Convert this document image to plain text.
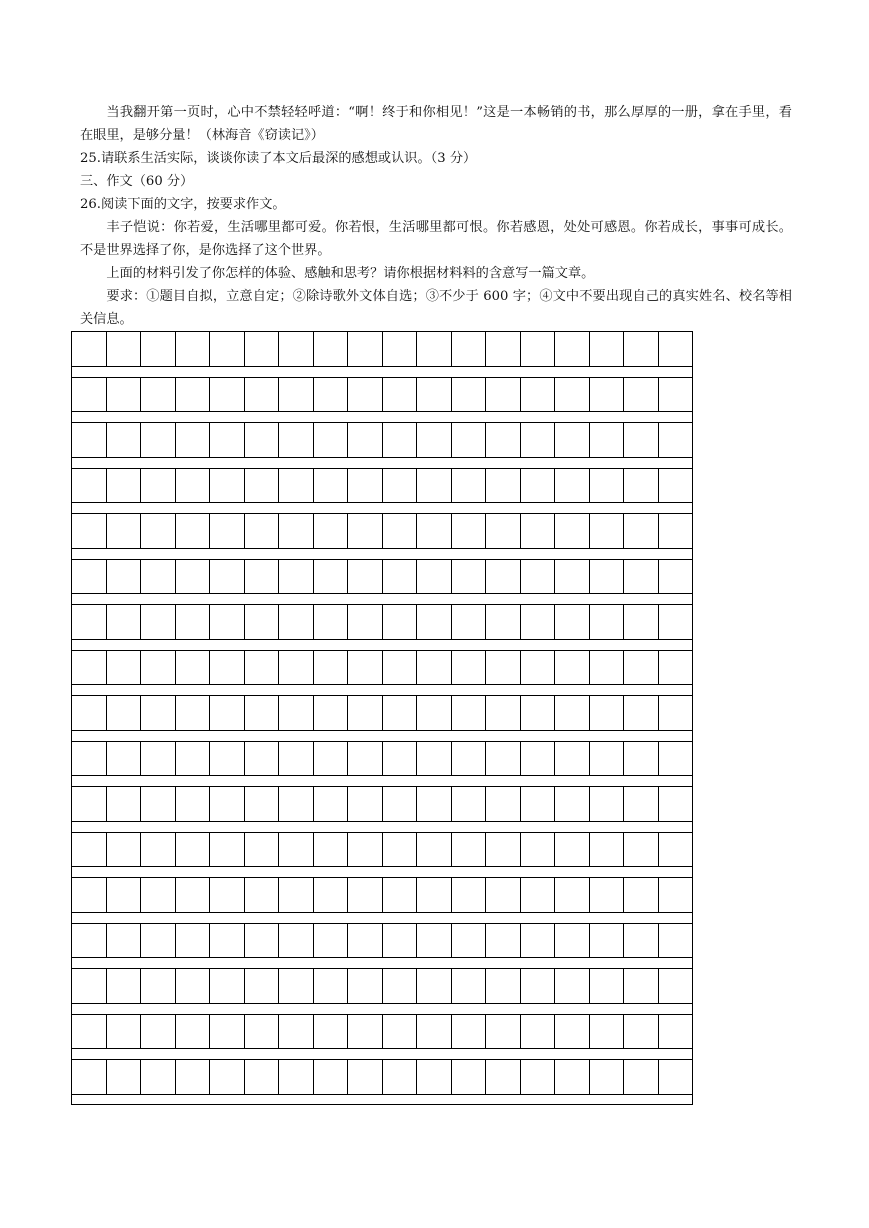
当我翻开第一页时，心中不禁轻轻呼道：“啊！终于和你相见！”这是一本畅销的书，那么厚厚的一册，拿在手里，看在眼里，是够分量！（林海音《窃读记》）

25.请联系生活实际，谈谈你读了本文后最深的感想或认识。（3 分）

三、作文（60 分）

26.阅读下面的文字，按要求作文。

丰子恺说：你若爱，生活哪里都可爱。你若恨，生活哪里都可恨。你若感恩，处处可感恩。你若成长，事事可成长。不是世界选择了你，是你选择了这个世界。

上面的材料引发了你怎样的体验、感触和思考？请你根据材料料的含意写一篇文章。

要求：①题目自拟，立意自定；②除诗歌外文体自选；③不少于 600 字；④文中不要出现自己的真实姓名、校名等相关信息。
